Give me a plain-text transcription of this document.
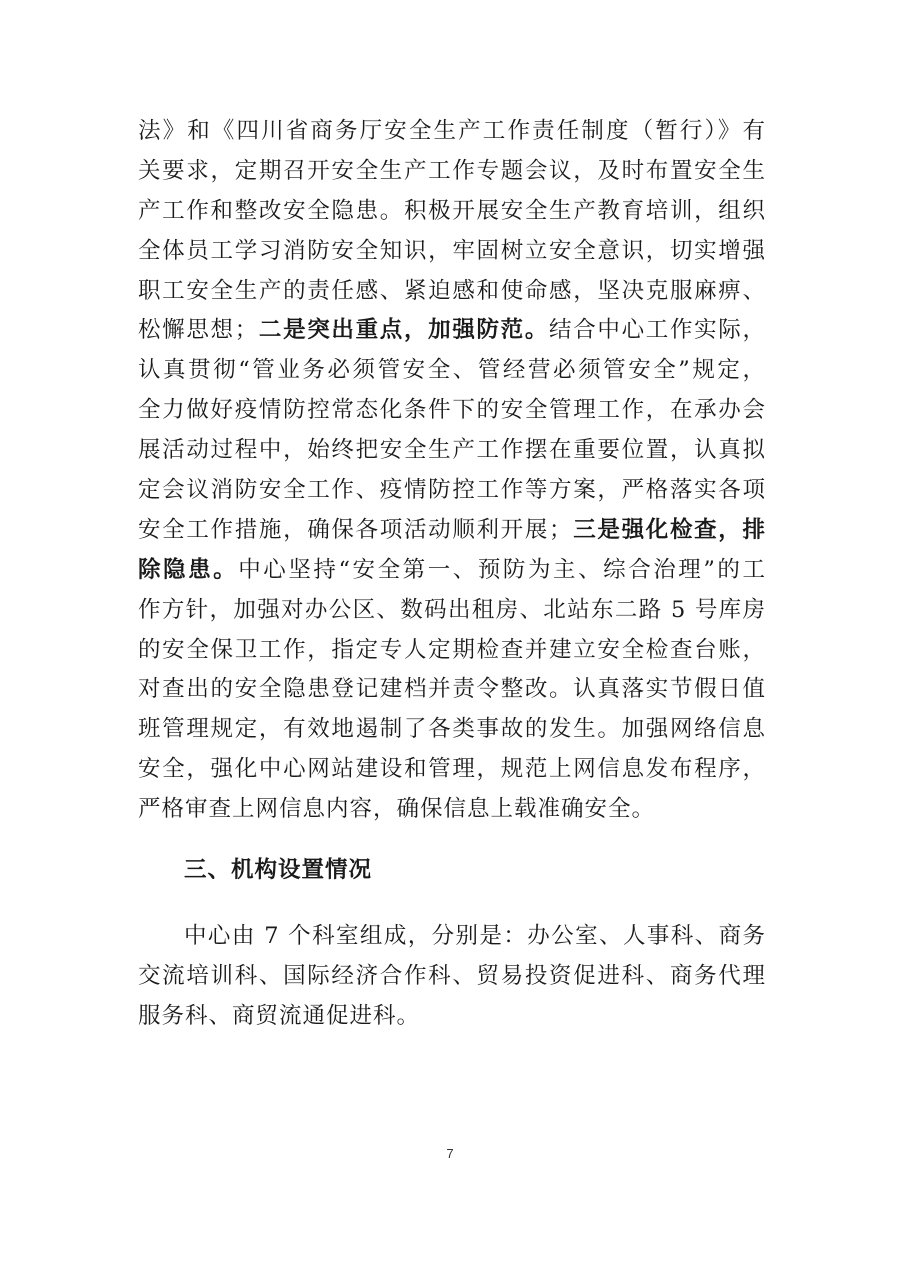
法》和《四川省商务厅安全生产工作责任制度（暂行）》有
关要求，定期召开安全生产工作专题会议，及时布置安全生
产工作和整改安全隐患。积极开展安全生产教育培训，组织
全体员工学习消防安全知识，牢固树立安全意识，切实增强
职工安全生产的责任感、紧迫感和使命感，坚决克服麻痹、
松懈思想；二是突出重点，加强防范。结合中心工作实际，
认真贯彻“管业务必须管安全、管经营必须管安全”规定，
全力做好疫情防控常态化条件下的安全管理工作，在承办会
展活动过程中，始终把安全生产工作摆在重要位置，认真拟
定会议消防安全工作、疫情防控工作等方案，严格落实各项
安全工作措施，确保各项活动顺利开展；三是强化检查，排
除隐患。中心坚持“安全第一、预防为主、综合治理”的工
作方针，加强对办公区、数码出租房、北站东二路 5 号库房
的安全保卫工作，指定专人定期检查并建立安全检查台账，
对查出的安全隐患登记建档并责令整改。认真落实节假日值
班管理规定，有效地遏制了各类事故的发生。加强网络信息
安全，强化中心网站建设和管理，规范上网信息发布程序，
严格审查上网信息内容，确保信息上载准确安全。
三、机构设置情况
中心由 7 个科室组成，分别是：办公室、人事科、商务
交流培训科、国际经济合作科、贸易投资促进科、商务代理
服务科、商贸流通促进科。
7
